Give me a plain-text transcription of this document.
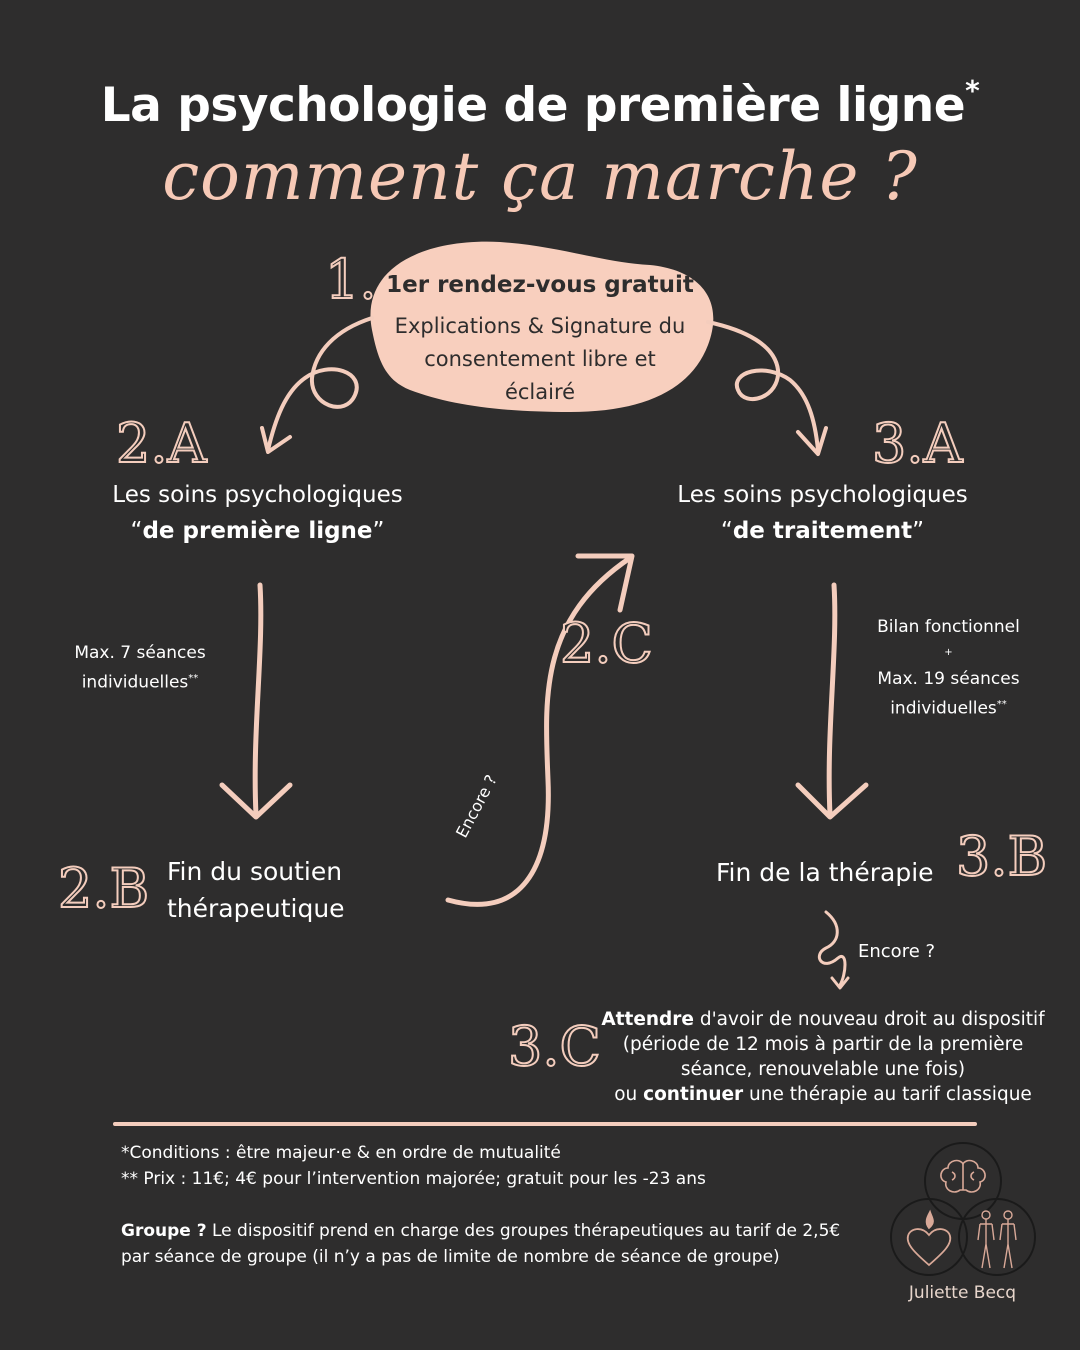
La psychologie de première ligne*
comment ça marche ?
1.
2.A	3.A
2.C
2.B
3.B
3.C
1er rendez-vous gratuit
Explications & Signature du
consentement libre et
éclairé
Les soins psychologiques
“de première ligne”
Max. 7 séances
individuelles**
Fin du soutien
thérapeutique
Les soins psychologiques
“de traitement”
Bilan fonctionnel
+
Max. 19 séances
individuelles**
Fin de la thérapie
Encore ?
Encore ?
Attendre d'avoir de nouveau droit au dispositif
(période de 12 mois à partir de la première
séance, renouvelable une fois)
ou continuer une thérapie au tarif classique
*Conditions : être majeur·e & en ordre de mutualité
** Prix : 11€; 4€ pour l’intervention majorée; gratuit pour les -23 ans
Groupe ? Le dispositif prend en charge des groupes thérapeutiques au tarif de 2,5€
par séance de groupe (il n’y a pas de limite de nombre de séance de groupe)
Juliette Becq
